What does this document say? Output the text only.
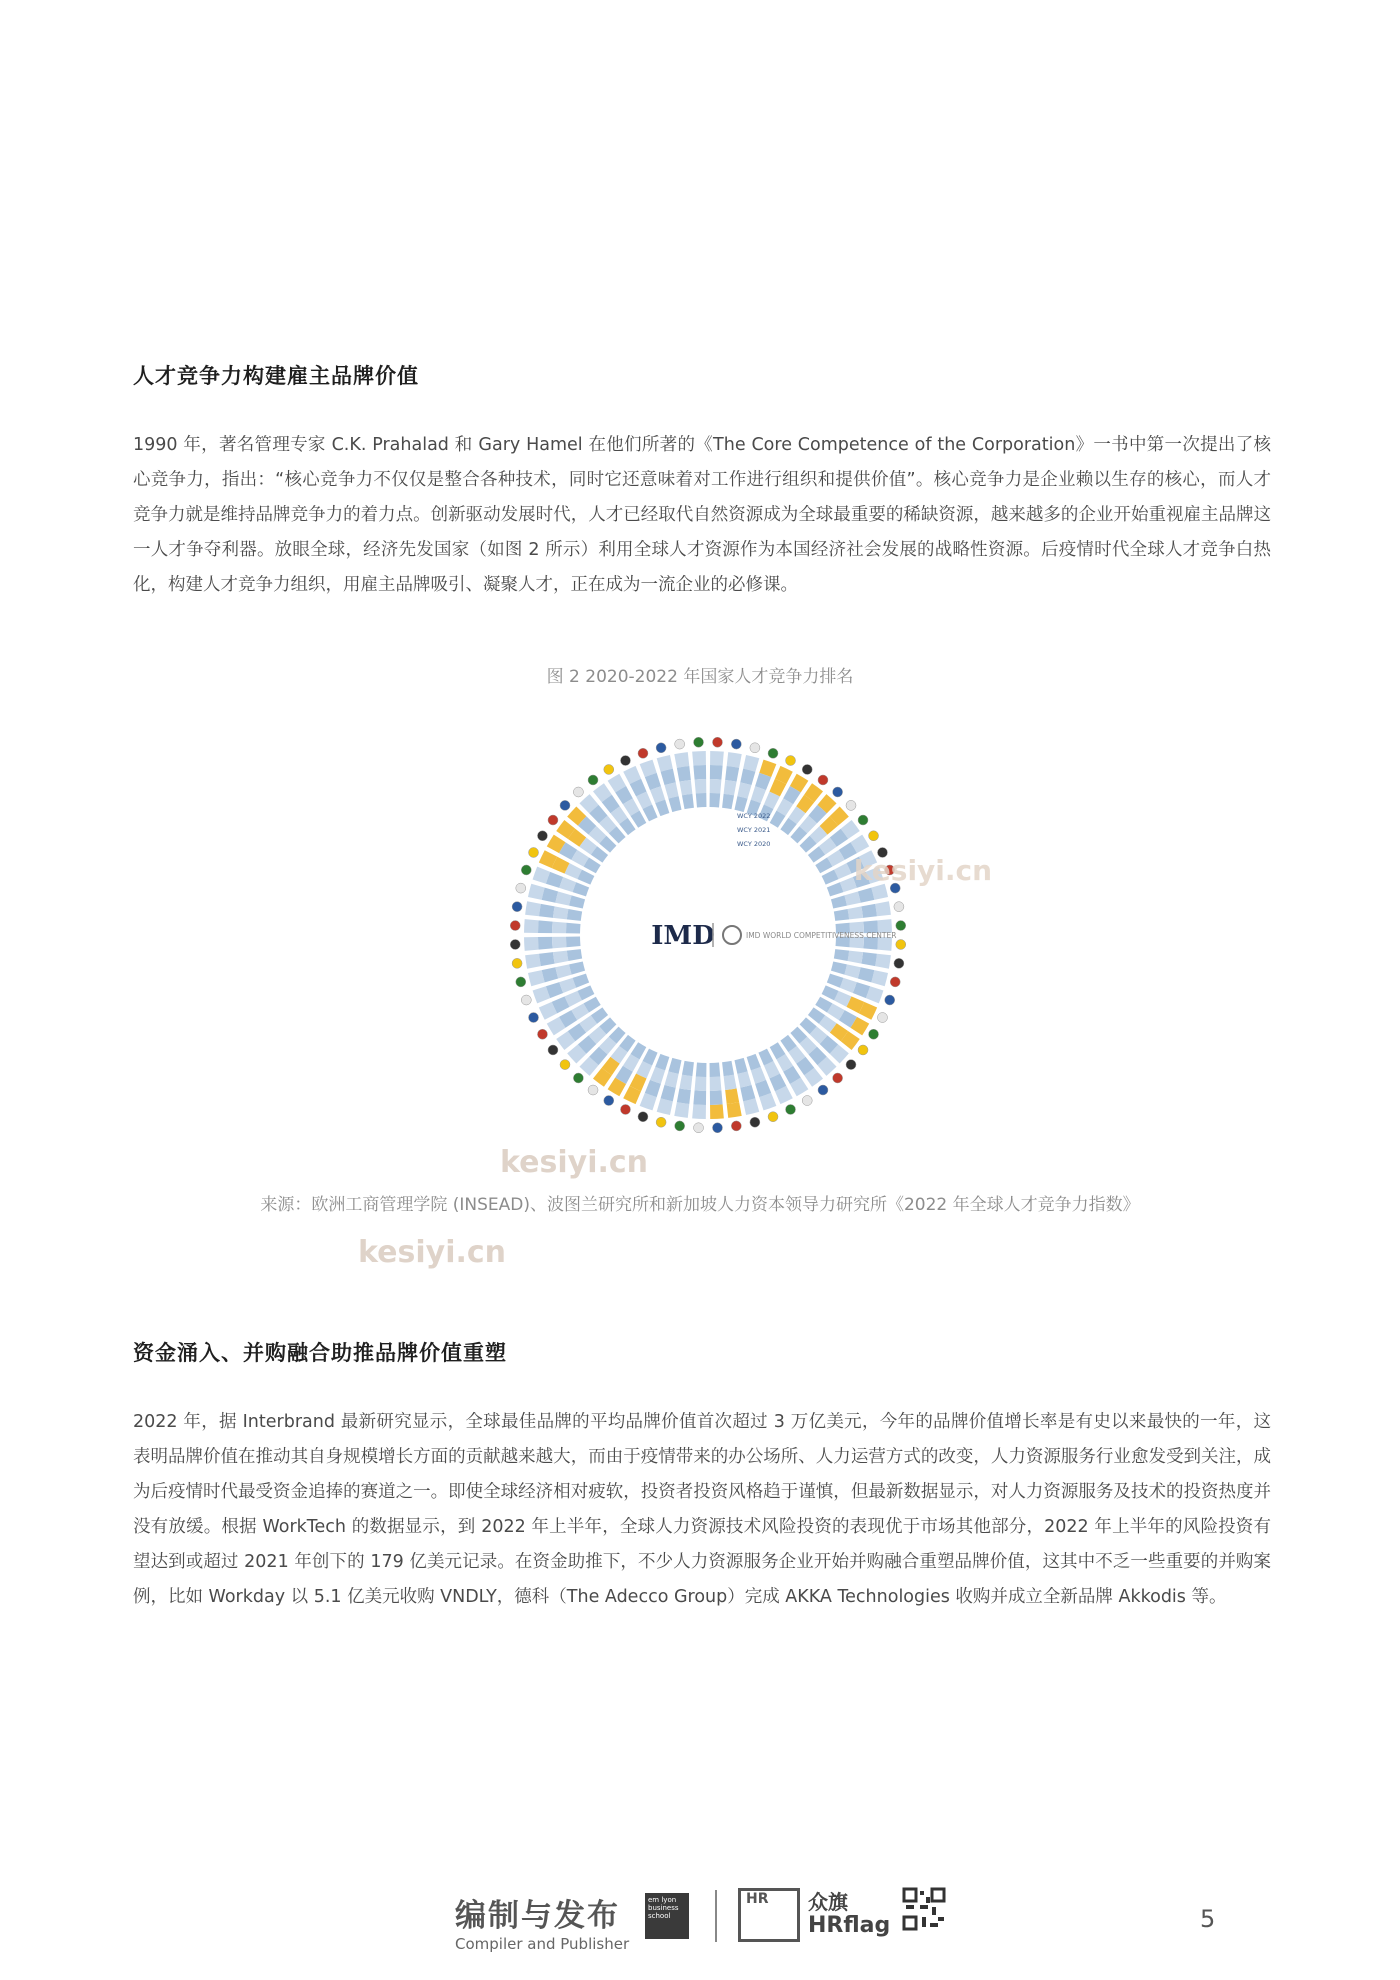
人才竞争力构建雇主品牌价值

1990 年，著名管理专家 C.K. Prahalad 和 Gary Hamel 在他们所著的《The Core Competence of the Corporation》一书中第一次提出了核心竞争力，指出：“核心竞争力不仅仅是整合各种技术，同时它还意味着对工作进行组织和提供价值”。核心竞争力是企业赖以生存的核心，而人才竞争力就是维持品牌竞争力的着力点。创新驱动发展时代，人才已经取代自然资源成为全球最重要的稀缺资源，越来越多的企业开始重视雇主品牌这一人才争夺利器。放眼全球，经济先发国家（如图 2 所示）利用全球人才资源作为本国经济社会发展的战略性资源。后疫情时代全球人才竞争白热化，构建人才竞争力组织，用雇主品牌吸引、凝聚人才，正在成为一流企业的必修课。

图 2 2020-2022 年国家人才竞争力排名
IMD	IMD WORLD COMPETITIVENESS CENTER
WCY 2022
WCY 2021
WCY 2020
kesiyi.cn
kesiyi.cn
kesiyi.cn
来源：欧洲工商管理学院 (INSEAD)、波图兰研究所和新加坡人力资本领导力研究所《2022 年全球人才竞争力指数》
资金涌入、并购融合助推品牌价值重塑

2022 年，据 Interbrand 最新研究显示，全球最佳品牌的平均品牌价值首次超过 3 万亿美元，今年的品牌价值增长率是有史以来最快的一年，这表明品牌价值在推动其自身规模增长方面的贡献越来越大，而由于疫情带来的办公场所、人力运营方式的改变，人力资源服务行业愈发受到关注，成为后疫情时代最受资金追捧的赛道之一。即使全球经济相对疲软，投资者投资风格趋于谨慎，但最新数据显示，对人力资源服务及技术的投资热度并没有放缓。根据 WorkTech 的数据显示，到 2022 年上半年，全球人力资源技术风险投资的表现优于市场其他部分，2022 年上半年的风险投资有望达到或超过 2021 年创下的 179 亿美元记录。在资金助推下，不少人力资源服务企业开始并购融合重塑品牌价值，这其中不乏一些重要的并购案例，比如 Workday 以 5.1 亿美元收购 VNDLY，德科（The Adecco Group）完成 AKKA Technologies 收购并成立全新品牌 Akkodis 等。

编制与发布
Compiler and Publisher
em lyon business school
HR	众旗
HRflag	5
